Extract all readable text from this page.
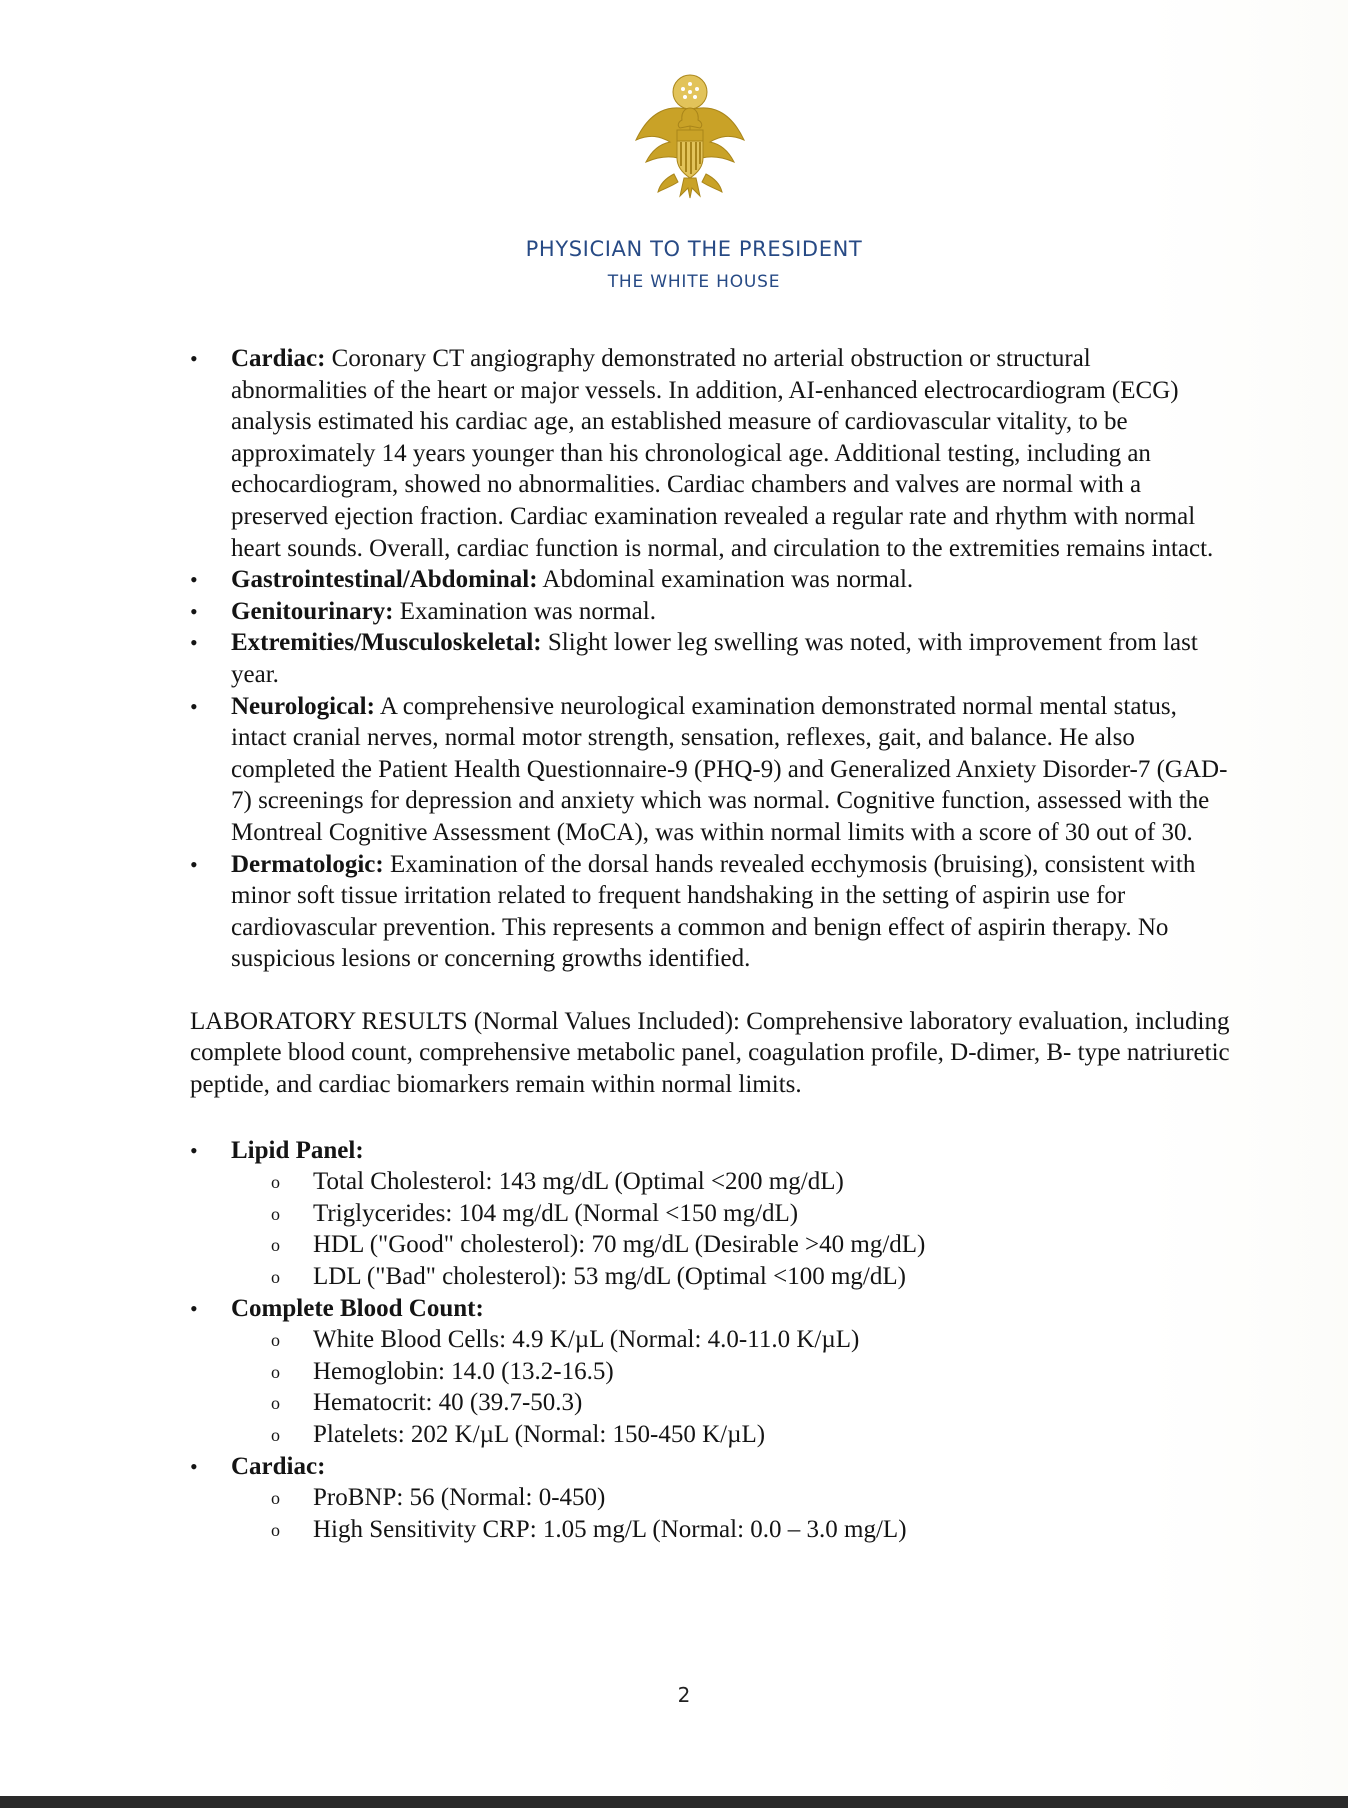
PHYSICIAN TO THE PRESIDENT
THE WHITE HOUSE
• Cardiac: Coronary CT angiography demonstrated no arterial obstruction or structural abnormalities of the heart or major vessels. In addition, AI-enhanced electrocardiogram (ECG) analysis estimated his cardiac age, an established measure of cardiovascular vitality, to be approximately 14 years younger than his chronological age. Additional testing, including an echocardiogram, showed no abnormalities. Cardiac chambers and valves are normal with a preserved ejection fraction. Cardiac examination revealed a regular rate and rhythm with normal heart sounds. Overall, cardiac function is normal, and circulation to the extremities remains intact.
• Gastrointestinal/Abdominal: Abdominal examination was normal.
• Genitourinary: Examination was normal.
• Extremities/Musculoskeletal: Slight lower leg swelling was noted, with improvement from last year.
• Neurological: A comprehensive neurological examination demonstrated normal mental status, intact cranial nerves, normal motor strength, sensation, reflexes, gait, and balance. He also completed the Patient Health Questionnaire-9 (PHQ-9) and Generalized Anxiety Disorder-7 (GAD-7) screenings for depression and anxiety which was normal. Cognitive function, assessed with the Montreal Cognitive Assessment (MoCA), was within normal limits with a score of 30 out of 30.
• Dermatologic: Examination of the dorsal hands revealed ecchymosis (bruising), consistent with minor soft tissue irritation related to frequent handshaking in the setting of aspirin use for cardiovascular prevention. This represents a common and benign effect of aspirin therapy. No suspicious lesions or concerning growths identified.

LABORATORY RESULTS (Normal Values Included): Comprehensive laboratory evaluation, including complete blood count, comprehensive metabolic panel, coagulation profile, D-dimer, B- type natriuretic peptide, and cardiac biomarkers remain within normal limits.

• Lipid Panel:
o Total Cholesterol: 143 mg/dL (Optimal <200 mg/dL)
o Triglycerides: 104 mg/dL (Normal <150 mg/dL)
o HDL ("Good" cholesterol): 70 mg/dL (Desirable >40 mg/dL)
o LDL ("Bad" cholesterol): 53 mg/dL (Optimal <100 mg/dL)
• Complete Blood Count:
o White Blood Cells: 4.9 K/µL (Normal: 4.0-11.0 K/µL)
o Hemoglobin: 14.0 (13.2-16.5)
o Hematocrit: 40 (39.7-50.3)
o Platelets: 202 K/µL (Normal: 150-450 K/µL)
• Cardiac:
o ProBNP: 56 (Normal: 0-450)
o High Sensitivity CRP: 1.05 mg/L (Normal: 0.0 – 3.0 mg/L)
2
